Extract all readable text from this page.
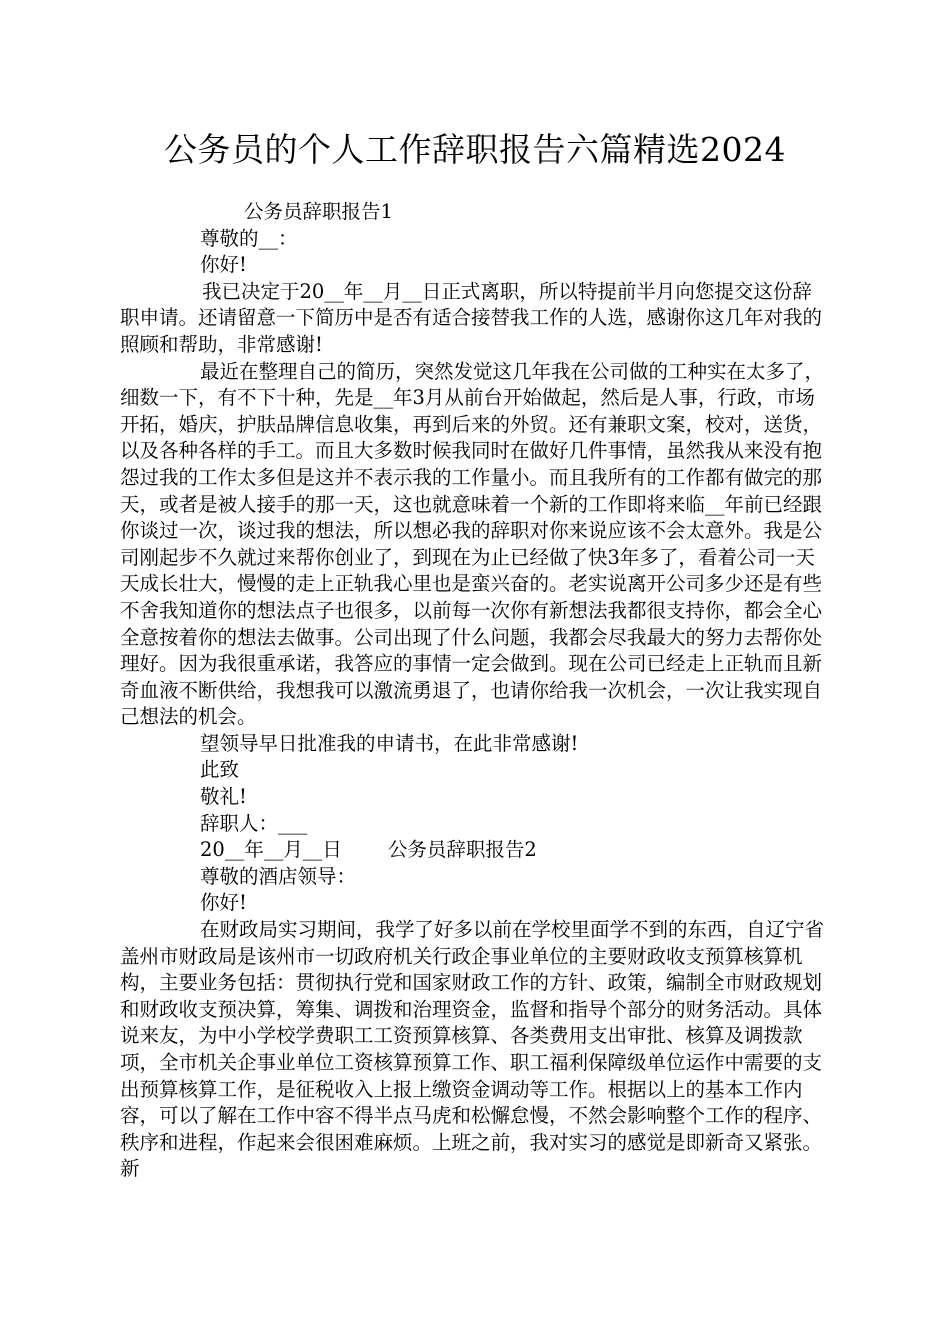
公务员的个人工作辞职报告六篇精选2024

公务员辞职报告1

尊敬的__：

你好!

我已决定于20__年__月__日正式离职，所以特提前半月向您提交这份辞职申请。还请留意一下简历中是否有适合接替我工作的人选，感谢你这几年对我的照顾和帮助，非常感谢!

最近在整理自己的简历，突然发觉这几年我在公司做的工种实在太多了，细数一下，有不下十种，先是__年3月从前台开始做起，然后是人事，行政，市场开拓，婚庆，护肤品牌信息收集，再到后来的外贸。还有兼职文案，校对，送货，以及各种各样的手工。而且大多数时候我同时在做好几件事情，虽然我从来没有抱怨过我的工作太多但是这并不表示我的工作量小。而且我所有的工作都有做完的那天，或者是被人接手的那一天，这也就意味着一个新的工作即将来临__年前已经跟你谈过一次，谈过我的想法，所以想必我的辞职对你来说应该不会太意外。我是公司刚起步不久就过来帮你创业了，到现在为止已经做了快3年多了，看着公司一天天成长壮大，慢慢的走上正轨我心里也是蛮兴奋的。老实说离开公司多少还是有些不舍我知道你的想法点子也很多，以前每一次你有新想法我都很支持你，都会全心全意按着你的想法去做事。公司出现了什么问题，我都会尽我最大的努力去帮你处理好。因为我很重承诺，我答应的事情一定会做到。现在公司已经走上正轨而且新奇血液不断供给，我想我可以激流勇退了，也请你给我一次机会，一次让我实现自己想法的机会。

望领导早日批准我的申请书，在此非常感谢!

此致

敬礼!

辞职人：___

20__年__月__日 公务员辞职报告2

尊敬的酒店领导：

你好!

在财政局实习期间，我学了好多以前在学校里面学不到的东西，自辽宁省盖州市财政局是该州市一切政府机关行政企事业单位的主要财政收支预算核算机构，主要业务包括：贯彻执行党和国家财政工作的方针、政策，编制全市财政规划和财政收支预决算，筹集、调拨和治理资金，监督和指导个部分的财务活动。具体说来友，为中小学校学费职工工资预算核算、各类费用支出审批、核算及调拨款项，全市机关企事业单位工资核算预算工作、职工福利保障级单位运作中需要的支出预算核算工作，是征税收入上报上缴资金调动等工作。根据以上的基本工作内容，可以了解在工作中容不得半点马虎和松懈怠慢，不然会影响整个工作的程序、秩序和进程，作起来会很困难麻烦。上班之前，我对实习的感觉是即新奇又紧张。新
